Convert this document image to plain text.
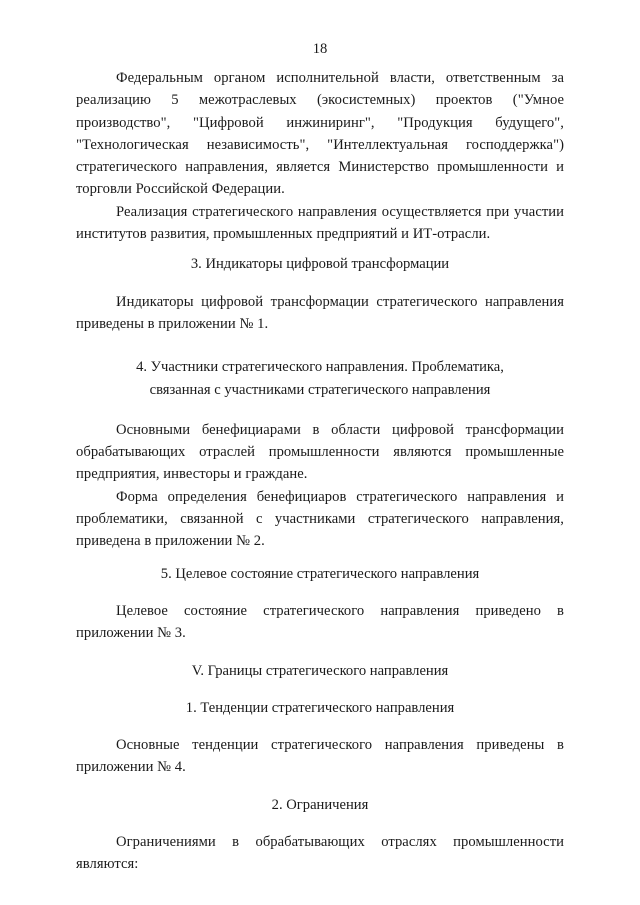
18

Федеральным органом исполнительной власти, ответственным за реализацию 5 межотраслевых (экосистемных) проектов ("Умное производство", "Цифровой инжиниринг", "Продукция будущего", "Технологическая независимость", "Интеллектуальная господдержка") стратегического направления, является Министерство промышленности и торговли Российской Федерации.

Реализация стратегического направления осуществляется при участии институтов развития, промышленных предприятий и ИТ-отрасли.

3. Индикаторы цифровой трансформации

Индикаторы цифровой трансформации стратегического направления приведены в приложении № 1.

4. Участники стратегического направления. Проблематика,
связанная с участниками стратегического направления

Основными бенефициарами в области цифровой трансформации обрабатывающих отраслей промышленности являются промышленные предприятия, инвесторы и граждане.

Форма определения бенефициаров стратегического направления и проблематики, связанной с участниками стратегического направления, приведена в приложении № 2.

5. Целевое состояние стратегического направления

Целевое состояние стратегического направления приведено в приложении № 3.

V. Границы стратегического направления

1. Тенденции стратегического направления

Основные тенденции стратегического направления приведены в приложении № 4.

2. Ограничения

Ограничениями в обрабатывающих отраслях промышленности являются:
